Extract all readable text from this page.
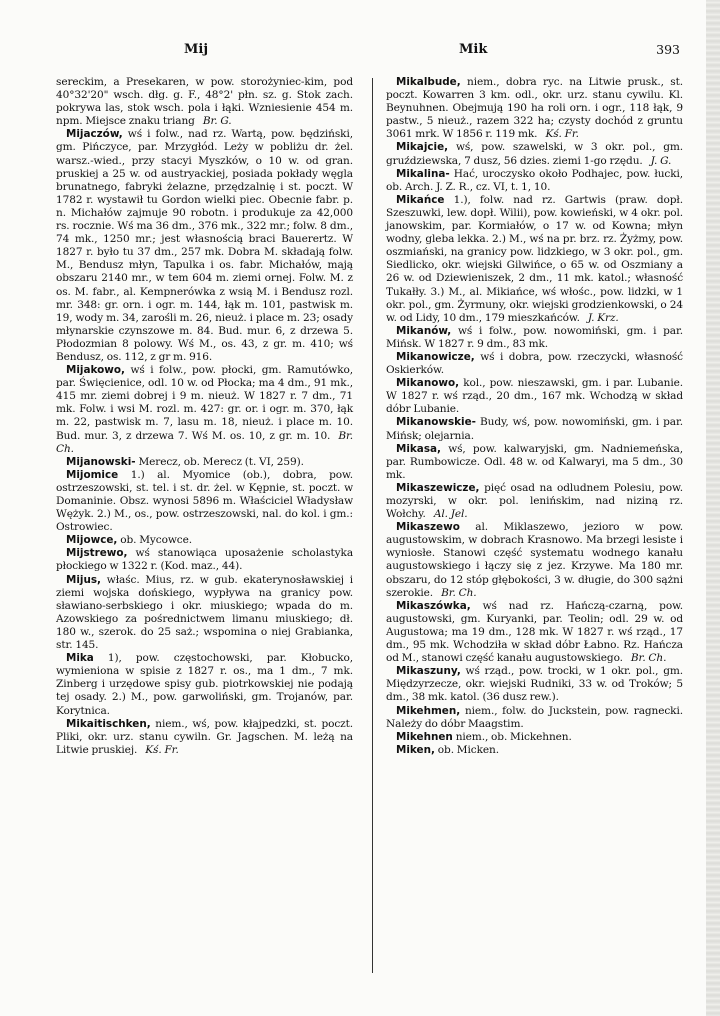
Mij	Mik	393

sereckim, a Presekaren, w pow. storożyniec-kim, pod 40°32'20" wsch. dłg. g. F., 48°2' płn. sz. g. Stok zach. pokrywa las, stok wsch. pola i łąki. Wzniesienie 454 m. npm. Miejsce znaku triang Br. G.

Mijaczów, wś i folw., nad rz. Wartą, pow. będziński, gm. Pińczyce, par. Mrzygłód. Leży w pobliżu dr. żel. warsz.-wied., przy stacyi Myszków, o 10 w. od gran. pruskiej a 25 w. od austryackiej, posiada pokłady węgla brunatnego, fabryki żelazne, przędzalnię i st. poczt. W 1782 r. wystawił tu Gordon wielki piec. Obecnie fabr. p. n. Michałów zajmuje 90 robotn. i produkuje za 42,000 rs. rocznie. Wś ma 36 dm., 376 mk., 322 mr.; folw. 8 dm., 74 mk., 1250 mr.; jest własnością braci Bauerertz. W 1827 r. było tu 37 dm., 257 mk. Dobra M. składają folw. M., Bendusz młyn, Tapulka i os. fabr. Michałów, mają obszaru 2140 mr., w tem 604 m. ziemi ornej. Folw. M. z os. M. fabr., al. Kempnerówka z wsią M. i Bendusz rozl. mr. 348: gr. orn. i ogr. m. 144, łąk m. 101, pastwisk m. 19, wody m. 34, zarośli m. 26, nieuż. i place m. 23; osady młynarskie czynszowe m. 84. Bud. mur. 6, z drzewa 5. Płodozmian 8 polowy. Wś M., os. 43, z gr. m. 410; wś Bendusz, os. 112, z gr m. 916.

Mijakowo, wś i folw., pow. płocki, gm. Ramutówko, par. Święcienice, odl. 10 w. od Płocka; ma 4 dm., 91 mk., 415 mr. ziemi dobrej i 9 m. nieuż. W 1827 r. 7 dm., 71 mk. Folw. i wsi M. rozl. m. 427: gr. or. i ogr. m. 370, łąk m. 22, pastwisk m. 7, lasu m. 18, nieuż. i place m. 10. Bud. mur. 3, z drzewa 7. Wś M. os. 10, z gr. m. 10. Br. Ch.

Mijanowski- Merecz, ob. Merecz (t. VI, 259).

Mijomice 1.) al. Myomice (ob.), dobra, pow. ostrzeszowski, st. tel. i st. dr. żel. w Kępnie, st. poczt. w Domaninie. Obsz. wynosi 5896 m. Właściciel Władysław Wężyk. 2.) M., os., pow. ostrzeszowski, nal. do kol. i gm.: Ostrowiec.

Mijowce, ob. Mycowce.

Mijstrewo, wś stanowiąca uposażenie scholastyka płockiego w 1322 r. (Kod. maz., 44).

Mijus, właśc. Mius, rz. w gub. ekaterynosławskiej i ziemi wojska dońskiego, wypływa na granicy pow. sławiano-serbskiego i okr. miuskiego; wpada do m. Azowskiego za pośrednictwem limanu miuskiego; dł. 180 w., szerok. do 25 saż.; wspomina o niej Grabianka, str. 145.

Mika 1), pow. częstochowski, par. Kłobucko, wymieniona w spisie z 1827 r. os., ma 1 dm., 7 mk. Zinberg i urzędowe spisy gub. piotrkowskiej nie podają tej osady. 2.) M., pow. garwoliński, gm. Trojanów, par. Korytnica.

Mikaitischken, niem., wś, pow. kłajpedzki, st. poczt. Pliki, okr. urz. stanu cywiln. Gr. Jagschen. M. leżą na Litwie pruskiej. Kś. Fr.

Mikalbude, niem., dobra ryc. na Litwie prusk., st. poczt. Kowarren 3 km. odl., okr. urz. stanu cywilu. Kl. Beynuhnen. Obejmują 190 ha roli orn. i ogr., 118 łąk, 9 pastw., 5 nieuż., razem 322 ha; czysty dochód z gruntu 3061 mrk. W 1856 r. 119 mk. Kś. Fr.

Mikajcie, wś, pow. szawelski, w 3 okr. pol., gm. gruździewska, 7 dusz, 56 dzies. ziemi 1-go rzędu. J. G.

Mikalina- Hać, uroczysko około Podhajec, pow. łucki, ob. Arch. J. Z. R., cz. VI, t. 1, 10.

Mikańce 1.), folw. nad rz. Gartwis (praw. dopł. Szeszuwki, lew. dopł. Wilii), pow. kowieński, w 4 okr. pol. janowskim, par. Kormiałów, o 17 w. od Kowna; młyn wodny, gleba lekka. 2.) M., wś na pr. brz. rz. Żyżmy, pow. oszmiański, na granicy pow. lidzkiego, w 3 okr. pol., gm. Siedlicko, okr. wiejski Gilwińce, o 65 w. od Oszmiany a 26 w. od Dziewieniszek, 2 dm., 11 mk. katol.; własność Tukałły. 3.) M., al. Mikiańce, wś włośc., pow. lidzki, w 1 okr. pol., gm. Żyrmuny, okr. wiejski grodzienkowski, o 24 w. od Lidy, 10 dm., 179 mieszkańców. J. Krz.

Mikanów, wś i folw., pow. nowomiński, gm. i par. Mińsk. W 1827 r. 9 dm., 83 mk.

Mikanowicze, wś i dobra, pow. rzeczycki, własność Oskierków.

Mikanowo, kol., pow. nieszawski, gm. i par. Lubanie. W 1827 r. wś rząd., 20 dm., 167 mk. Wchodzą w skład dóbr Lubanie.

Mikanowskie- Budy, wś, pow. nowomiński, gm. i par. Mińsk; olejarnia.

Mikasa, wś, pow. kalwaryjski, gm. Nadniemeńska, par. Rumbowicze. Odl. 48 w. od Kalwaryi, ma 5 dm., 30 mk.

Mikaszewicze, pięć osad na odludnem Polesiu, pow. mozyrski, w okr. pol. lenińskim, nad niziną rz. Wołchy. Al. Jel.

Mikaszewo al. Miklaszewo, jezioro w pow. augustowskim, w dobrach Krasnowo. Ma brzegi lesiste i wyniosłe. Stanowi część systematu wodnego kanału augustowskiego i łączy się z jez. Krzywe. Ma 180 mr. obszaru, do 12 stóp głębokości, 3 w. długie, do 300 sążni szerokie. Br. Ch.

Mikaszówka, wś nad rz. Hańczą-czarną, pow. augustowski, gm. Kuryanki, par. Teolin; odl. 29 w. od Augustowa; ma 19 dm., 128 mk. W 1827 r. wś rząd., 17 dm., 95 mk. Wchodziła w skład dóbr Łabno. Rz. Hańcza od M., stanowi część kanału augustowskiego. Br. Ch.

Mikaszuny, wś rząd., pow. trocki, w 1 okr. pol., gm. Międzyrzecze, okr. wiejski Rudniki, 33 w. od Troków; 5 dm., 38 mk. katol. (36 dusz rew.).

Mikehmen, niem., folw. do Juckstein, pow. ragnecki. Należy do dóbr Maagstim.

Mikehnen niem., ob. Mickehnen.

Miken, ob. Micken.
